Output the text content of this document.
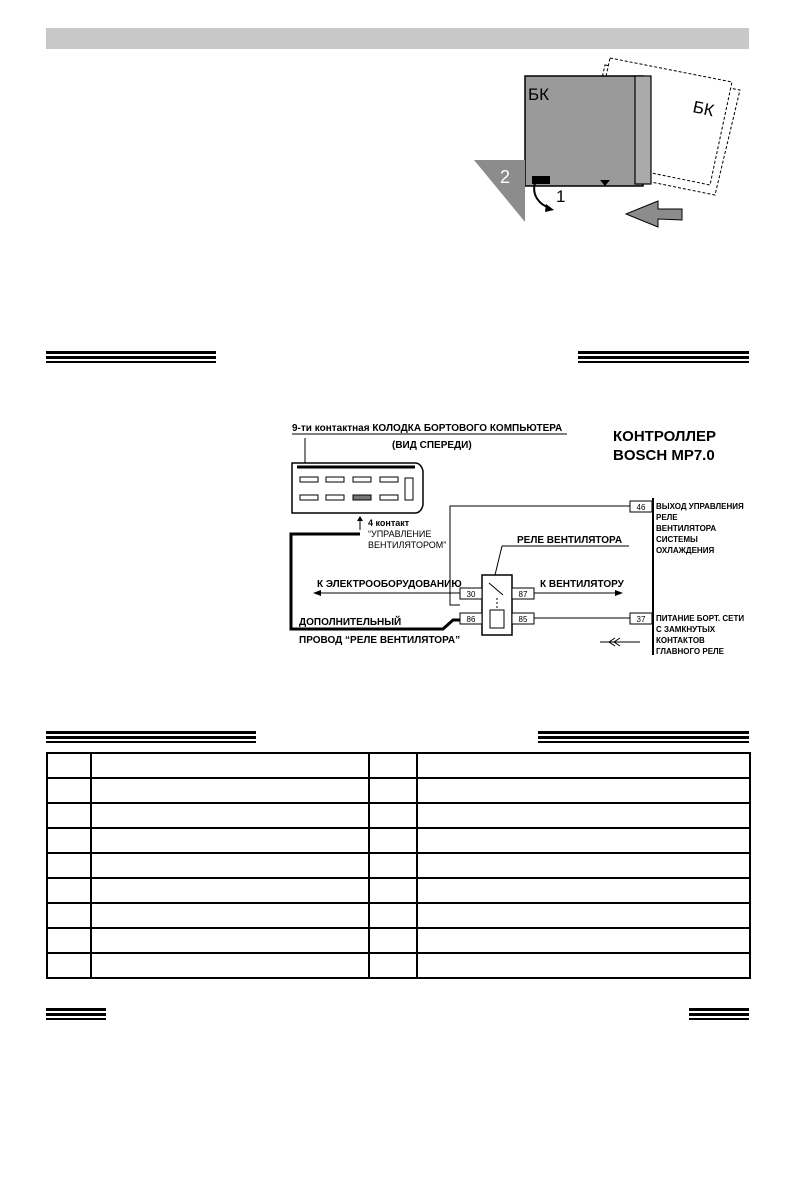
БК
БК
2
1
9-ти контактная КОЛОДКА БОРТОВОГО КОМПЬЮТЕРА
(ВИД СПЕРЕДИ)
КОНТРОЛЛЕР
BOSCH MP7.0
4 контакт
“УПРАВЛЕНИЕ
ВЕНТИЛЯТОРОМ”
ДОПОЛНИТЕЛЬНЫЙ
ПРОВОД “РЕЛЕ ВЕНТИЛЯТОРА”
46 ВЫХОД УПРАВЛЕНИЯ
РЕЛЕ
ВЕНТИЛЯТОРА
СИСТЕМЫ
ОХЛАЖДЕНИЯ
РЕЛЕ ВЕНТИЛЯТОРА
30
86
87
85
К ЭЛЕКТРООБОРУДОВАНИЮ	К ВЕНТИЛЯТОРУ
37 ПИТАНИЕ БОРТ. СЕТИ
С ЗАМКНУТЫХ
КОНТАКТОВ
ГЛАВНОГО РЕЛЕ
